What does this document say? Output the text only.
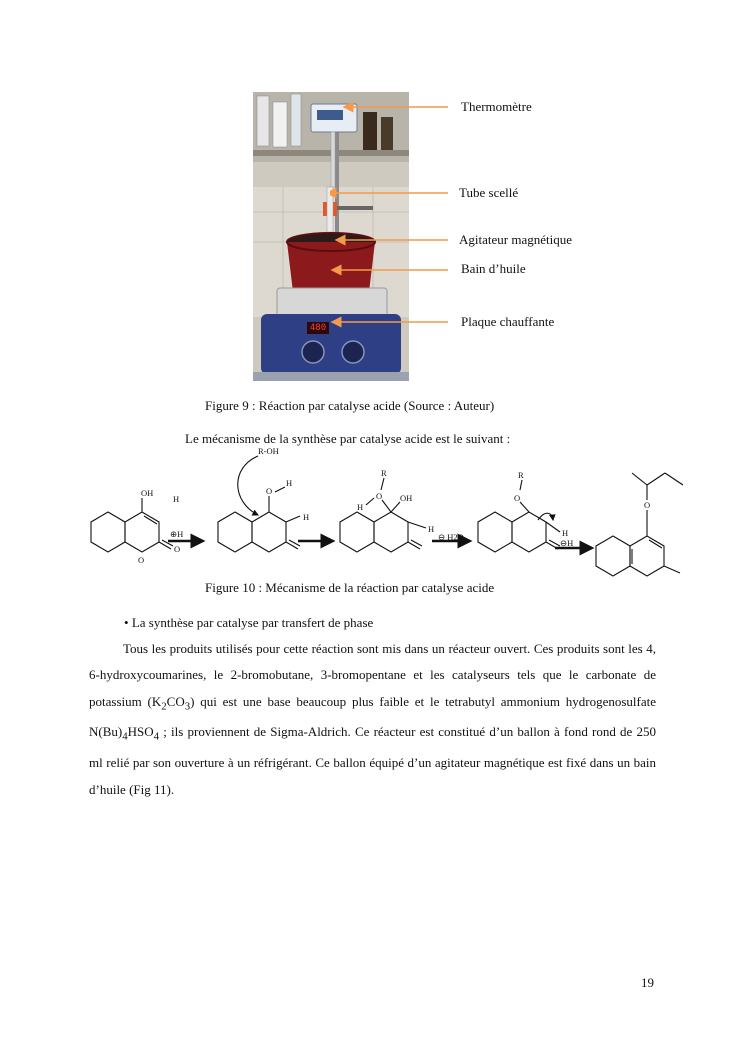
480
Thermomètre
Tube scellé
Agitateur magnétique
Bain d’huile
Plaque chauffante
Figure 9 : Réaction par catalyse acide (Source : Auteur)
Le mécanisme de la synthèse par catalyse acide est le suivant :
OH
H
⊕H
R-OH
O
H
H
R
O
H
OH
H
⊖ H2O
R
O
H
⊖H
O
O
O
Figure 10 : Mécanisme de la réaction par catalyse acide
• La synthèse par catalyse par transfert de phase

Tous les produits utilisés pour cette réaction sont mis dans un réacteur ouvert. Ces produits sont les 4, 6-hydroxycoumarines, le 2-bromobutane, 3-bromopentane et les catalyseurs tels que le carbonate de potassium $(K_2CO_3)$ qui est une base beaucoup plus faible et le tetrabutyl ammonium hydrogenosulfate $N(Bu)_4HSO_4$ ; ils proviennent de Sigma-Aldrich. Ce réacteur est constitué d’un ballon à fond rond de 250 ml relié par son ouverture à un réfrigérant. Ce ballon équipé d’un agitateur magnétique est fixé dans un bain d’huile (Fig 11).

19
